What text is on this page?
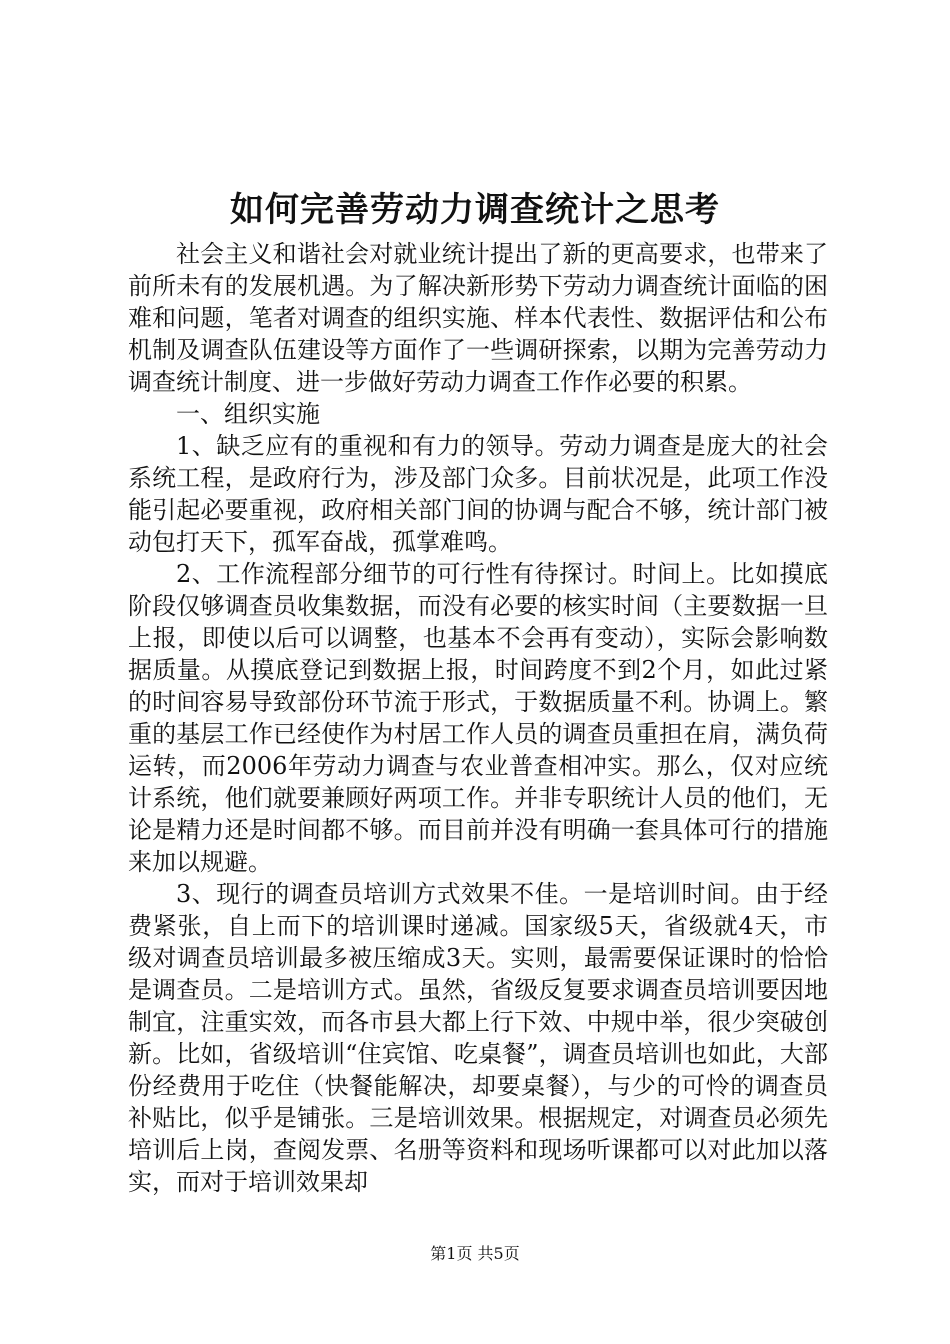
如何完善劳动力调查统计之思考

社会主义和谐社会对就业统计提出了新的更高要求，也带来了前所未有的发展机遇。为了解决新形势下劳动力调查统计面临的困难和问题，笔者对调查的组织实施、样本代表性、数据评估和公布机制及调查队伍建设等方面作了一些调研探索，以期为完善劳动力调查统计制度、进一步做好劳动力调查工作作必要的积累。

一、组织实施

1、缺乏应有的重视和有力的领导。劳动力调查是庞大的社会系统工程，是政府行为，涉及部门众多。目前状况是，此项工作没能引起必要重视，政府相关部门间的协调与配合不够，统计部门被动包打天下，孤军奋战，孤掌难鸣。

2、工作流程部分细节的可行性有待探讨。时间上。比如摸底阶段仅够调查员收集数据，而没有必要的核实时间（主要数据一旦上报，即使以后可以调整，也基本不会再有变动），实际会影响数据质量。从摸底登记到数据上报，时间跨度不到2个月，如此过紧的时间容易导致部份环节流于形式，于数据质量不利。协调上。繁重的基层工作已经使作为村居工作人员的调查员重担在肩，满负荷运转，而2006年劳动力调查与农业普查相冲实。那么，仅对应统计系统，他们就要兼顾好两项工作。并非专职统计人员的他们，无论是精力还是时间都不够。而目前并没有明确一套具体可行的措施来加以规避。

3、现行的调查员培训方式效果不佳。一是培训时间。由于经费紧张，自上而下的培训课时递减。国家级5天，省级就4天，市级对调查员培训最多被压缩成3天。实则，最需要保证课时的恰恰是调查员。二是培训方式。虽然，省级反复要求调查员培训要因地制宜，注重实效，而各市县大都上行下效、中规中举，很少突破创新。比如，省级培训“住宾馆、吃桌餐”，调查员培训也如此，大部份经费用于吃住（快餐能解决，却要桌餐），与少的可怜的调查员补贴比，似乎是铺张。三是培训效果。根据规定，对调查员必须先培训后上岗，查阅发票、名册等资料和现场听课都可以对此加以落实，而对于培训效果却

第1页 共5页
